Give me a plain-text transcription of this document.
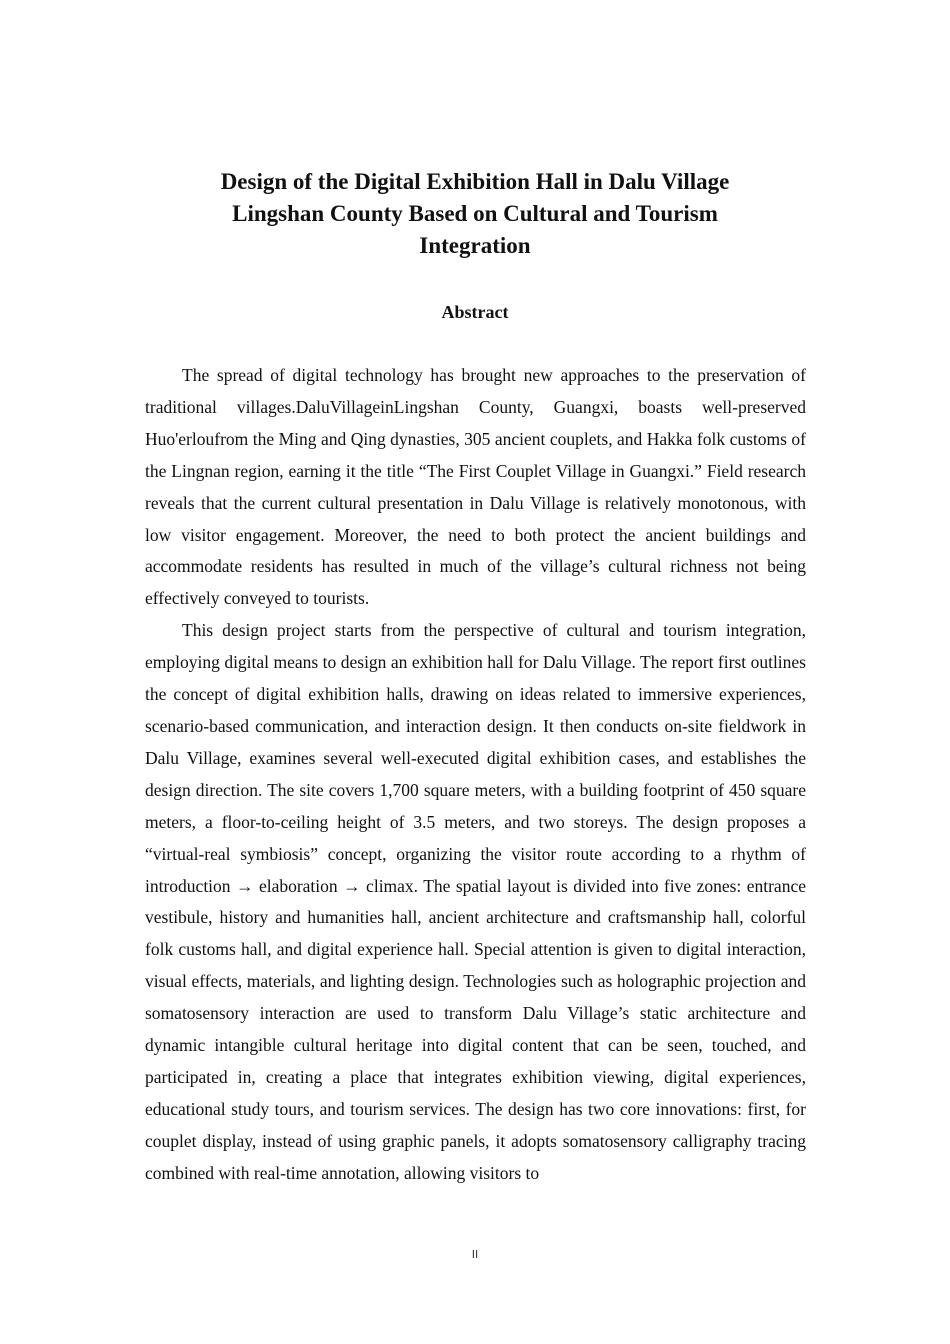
Design of the Digital Exhibition Hall in Dalu Village
Lingshan County Based on Cultural and Tourism
Integration
Abstract

The spread of digital technology has brought new approaches to the preservation of traditional villages.DaluVillageinLingshan County, Guangxi, boasts well-preserved Huo'erloufrom the Ming and Qing dynasties, 305 ancient couplets, and Hakka folk customs of the Lingnan region, earning it the title “The First Couplet Village in Guangxi.” Field research reveals that the current cultural presentation in Dalu Village is relatively monotonous, with low visitor engagement. Moreover, the need to both protect the ancient buildings and accommodate residents has resulted in much of the village’s cultural richness not being effectively conveyed to tourists.

This design project starts from the perspective of cultural and tourism integration, employing digital means to design an exhibition hall for Dalu Village. The report first outlines the concept of digital exhibition halls, drawing on ideas related to immersive experiences, scenario-based communication, and interaction design. It then conducts on-site fieldwork in Dalu Village, examines several well-executed digital exhibition cases, and establishes the design direction. The site covers 1,700 square meters, with a building footprint of 450 square meters, a floor-to-ceiling height of 3.5 meters, and two storeys. The design proposes a “virtual-real symbiosis” concept, organizing the visitor route according to a rhythm of introduction → elaboration → climax. The spatial layout is divided into five zones: entrance vestibule, history and humanities hall, ancient architecture and craftsmanship hall, colorful folk customs hall, and digital experience hall. Special attention is given to digital interaction, visual effects, materials, and lighting design. Technologies such as holographic projection and somatosensory interaction are used to transform Dalu Village’s static architecture and dynamic intangible cultural heritage into digital content that can be seen, touched, and participated in, creating a place that integrates exhibition viewing, digital experiences, educational study tours, and tourism services. The design has two core innovations: first, for couplet display, instead of using graphic panels, it adopts somatosensory calligraphy tracing combined with real-time annotation, allowing visitors to

II
